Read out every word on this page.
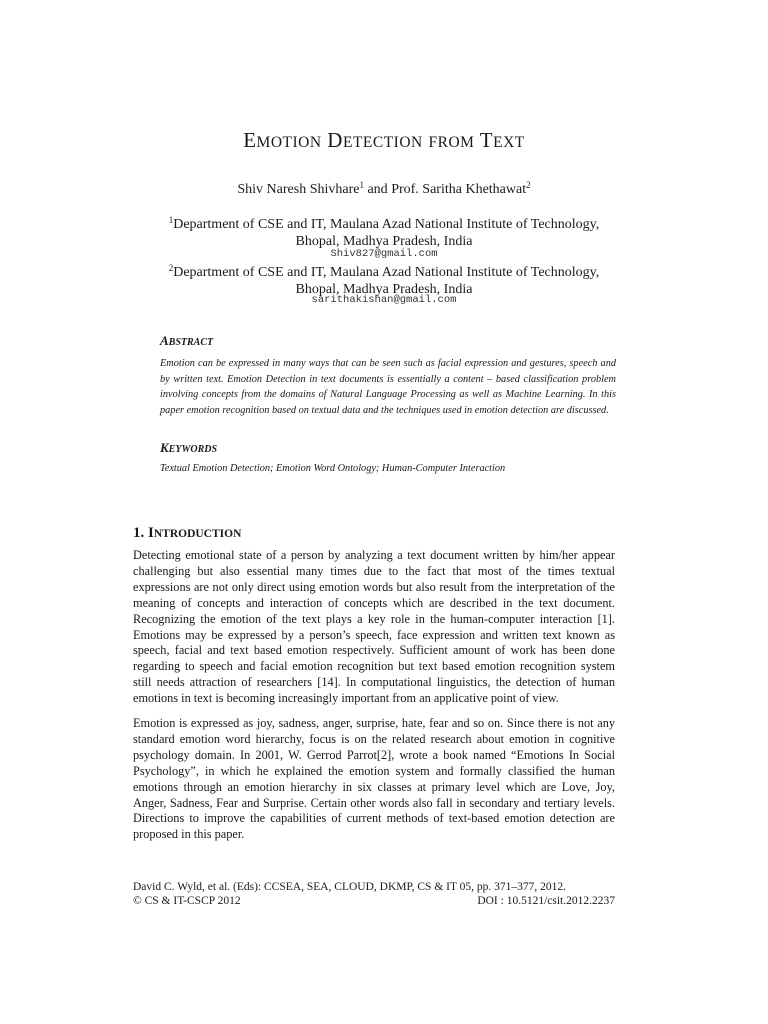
EMOTION DETECTION FROM TEXT
Shiv Naresh Shivhare$^1$ and Prof. Saritha Khethawat$^2$
$^1$Department of CSE and IT, Maulana Azad National Institute of Technology,
Bhopal, Madhya Pradesh, India
Shiv827@gmail.com
$^2$Department of CSE and IT, Maulana Azad National Institute of Technology,
Bhopal, Madhya Pradesh, India
sarithakishan@gmail.com
ABSTRACT
Emotion can be expressed in many ways that can be seen such as facial expression and gestures, speech and by written text. Emotion Detection in text documents is essentially a content – based classification problem involving concepts from the domains of Natural Language Processing as well as Machine Learning. In this paper emotion recognition based on textual data and the techniques used in emotion detection are discussed.
KEYWORDS
Textual Emotion Detection; Emotion Word Ontology; Human-Computer Interaction
1. INTRODUCTION
Detecting emotional state of a person by analyzing a text document written by him/her appear challenging but also essential many times due to the fact that most of the times textual expressions are not only direct using emotion words but also result from the interpretation of the meaning of concepts and interaction of concepts which are described in the text document. Recognizing the emotion of the text plays a key role in the human-computer interaction [1]. Emotions may be expressed by a person’s speech, face expression and written text known as speech, facial and text based emotion respectively. Sufficient amount of work has been done regarding to speech and facial emotion recognition but text based emotion recognition system still needs attraction of researchers [14]. In computational linguistics, the detection of human emotions in text is becoming increasingly important from an applicative point of view.
Emotion is expressed as joy, sadness, anger, surprise, hate, fear and so on. Since there is not any standard emotion word hierarchy, focus is on the related research about emotion in cognitive psychology domain. In 2001, W. Gerrod Parrot[2], wrote a book named “Emotions In Social Psychology”, in which he explained the emotion system and formally classified the human emotions through an emotion hierarchy in six classes at primary level which are Love, Joy, Anger, Sadness, Fear and Surprise. Certain other words also fall in secondary and tertiary levels. Directions to improve the capabilities of current methods of text-based emotion detection are proposed in this paper.
David C. Wyld, et al. (Eds): CCSEA, SEA, CLOUD, DKMP, CS & IT 05, pp. 371–377, 2012.
© CS & IT-CSCP 2012	DOI : 10.5121/csit.2012.2237
